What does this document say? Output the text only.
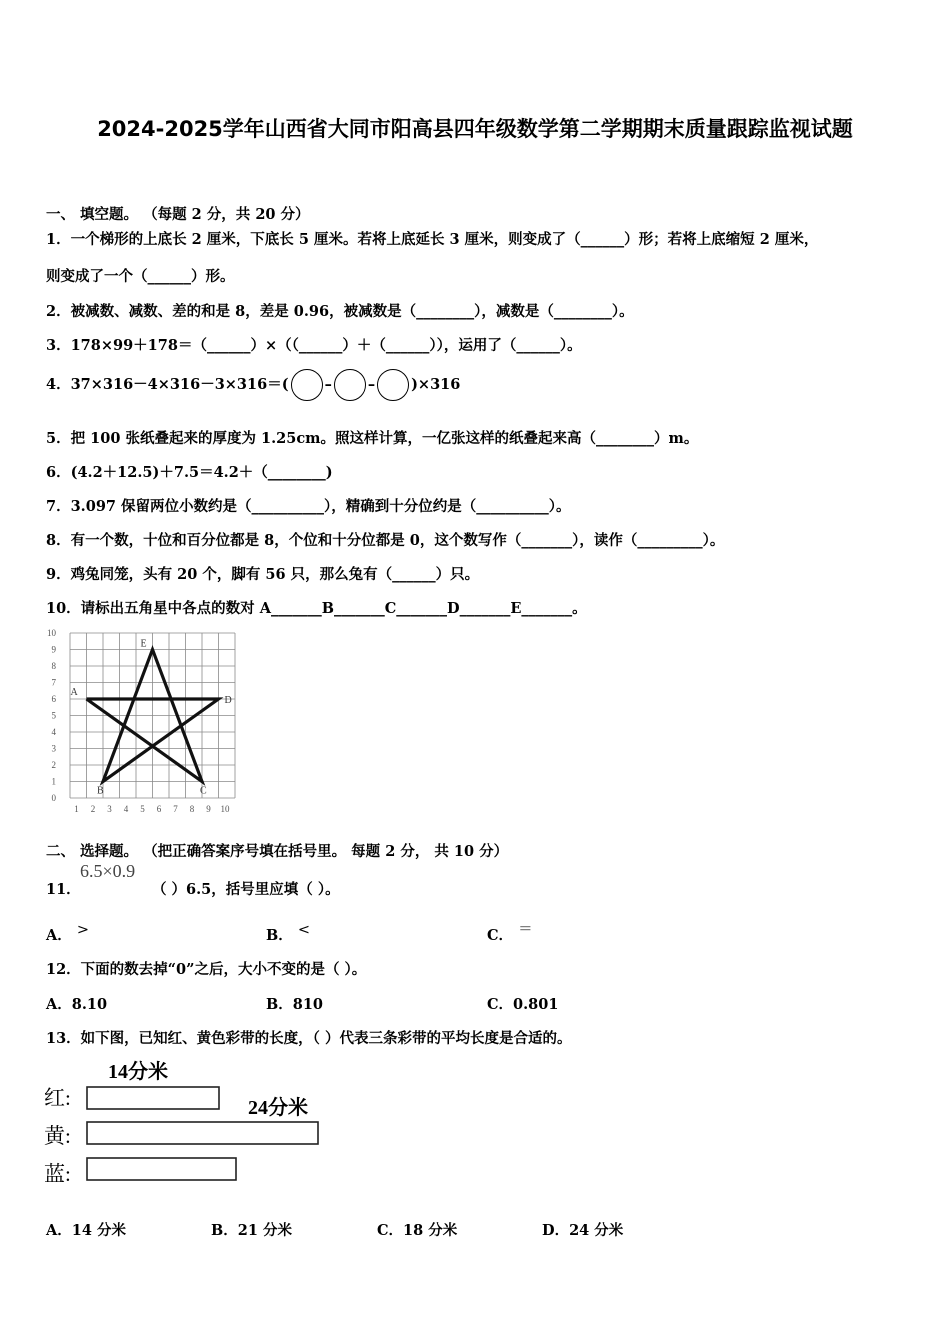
2024-2025学年山西省大同市阳高县四年级数学第二学期期末质量跟踪监视试题
一、 填空题。 （每题 2 分，共 20 分）
1．一个梯形的上底长 2 厘米，下底长 5 厘米。若将上底延长 3 厘米，则变成了（______）形；若将上底缩短 2 厘米，
则变成了一个（______）形。
2．被减数、减数、差的和是 8，差是 0.96，被减数是（________），减数是（________）。
3．178×99＋178＝（______）×（（______）＋（______）），运用了（______）。
4．37×316－4×316－3×316＝( – – )×316
5．把 100 张纸叠起来的厚度为 1.25cm。照这样计算，一亿张这样的纸叠起来高（________）m。
6．(4.2＋12.5)＋7.5＝4.2＋（________)
7．3.097 保留两位小数约是（__________），精确到十分位约是（__________）。
8．有一个数，十位和百分位都是 8，个位和十分位都是 0，这个数写作（_______），读作（_________）。
9．鸡兔同笼，头有 20 个，脚有 56 只，那么兔有（______）只。
10．请标出五角星中各点的数对 A_______B_______C_______D_______E_______。
0
1
2
3
4
5
6
7
8
9
10
1 2 3 4 5 6 7 8 9 10
A
B	C
D
E
二、 选择题。 （把正确答案序号填在括号里。 每题 2 分， 共 10 分）
11．
6.5×0.9
（ ）6.5，括号里应填（ ）。
A． >	B． <	C． ＝
12．下面的数去掉“0”之后，大小不变的是（ ）。
A．8.10	B．810	C．0.801
13．如下图，已知红、黄色彩带的长度，（ ）代表三条彩带的平均长度是合适的。
14分米
24分米
红:
黄:
蓝:
A．14 分米	B．21 分米	C．18 分米	D．24 分米
